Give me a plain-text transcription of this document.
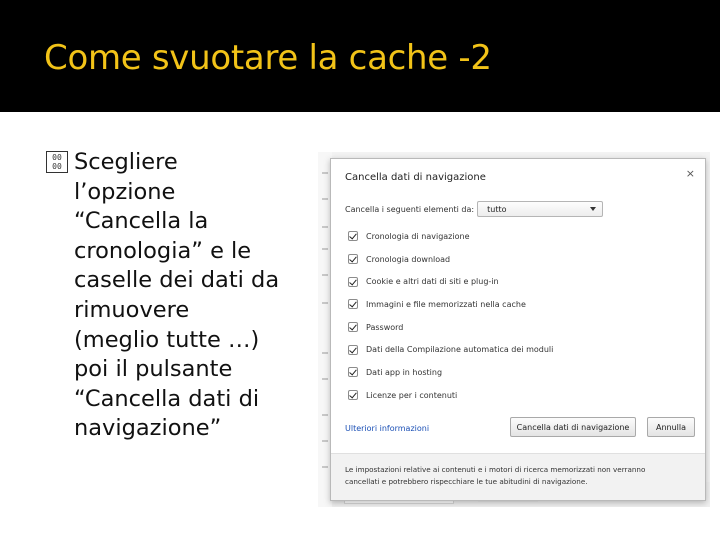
Come svuotare la cache -2
00
00 Scegliere
l’opzione
“Cancella la
cronologia” e le
caselle dei dati da
rimuovere
(meglio tutte …)
poi il pulsante
“Cancella dati di
navigazione”
Cancella dati di navigazione	×
Cancella i seguenti elementi da:	tutto
Cronologia di navigazione
Cronologia download
Cookie e altri dati di siti e plug-in
Immagini e file memorizzati nella cache
Password
Dati della Compilazione automatica dei moduli
Dati app in hosting
Licenze per i contenuti
Ulteriori informazioni	Cancella dati di navigazione	Annulla
Le impostazioni relative ai contenuti e i motori di ricerca memorizzati non verranno
cancellati e potrebbero rispecchiare le tue abitudini di navigazione.
